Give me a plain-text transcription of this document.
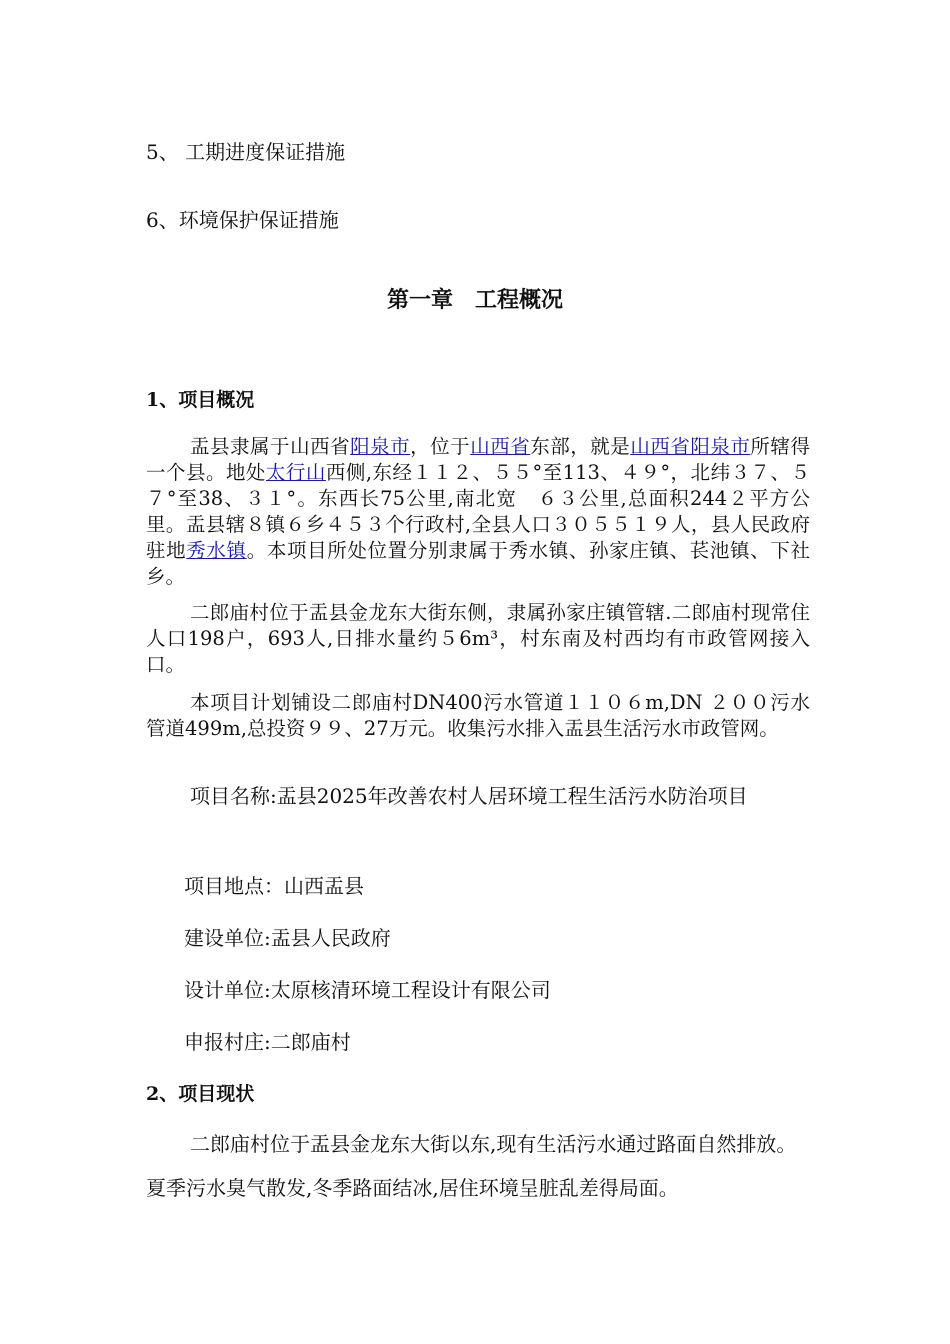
5、 工期进度保证措施
6、环境保护保证措施
第一章　工程概况
1、项目概况
盂县隶属于山西省阳泉市，位于山西省东部，就是山西省阳泉市所辖得一个县。地处太行山西侧,东经１１２、５５°至113、４９°，北纬３７、５７°至38、３１°。东西长75公里,南北宽　６３公里,总面积244２平方公里。盂县辖８镇６乡４５３个行政村,全县人口３０５５１９人，县人民政府驻地秀水镇。本项目所处位置分别隶属于秀水镇、孙家庄镇、苌池镇、下社乡。
二郎庙村位于盂县金龙东大街东侧，隶属孙家庄镇管辖.二郎庙村现常住人口198户，693人,日排水量约５6m³，村东南及村西均有市政管网接入口。
本项目计划铺设二郎庙村DN400污水管道１１０６m,DN ２００污水管道499m,总投资９９、27万元。收集污水排入盂县生活污水市政管网。
项目名称:盂县2025年改善农村人居环境工程生活污水防治项目
项目地点：山西盂县
建设单位:盂县人民政府
设计单位:太原核清环境工程设计有限公司
申报村庄:二郎庙村
2、项目现状
二郎庙村位于盂县金龙东大街以东,现有生活污水通过路面自然排放。夏季污水臭气散发,冬季路面结冰,居住环境呈脏乱差得局面。
